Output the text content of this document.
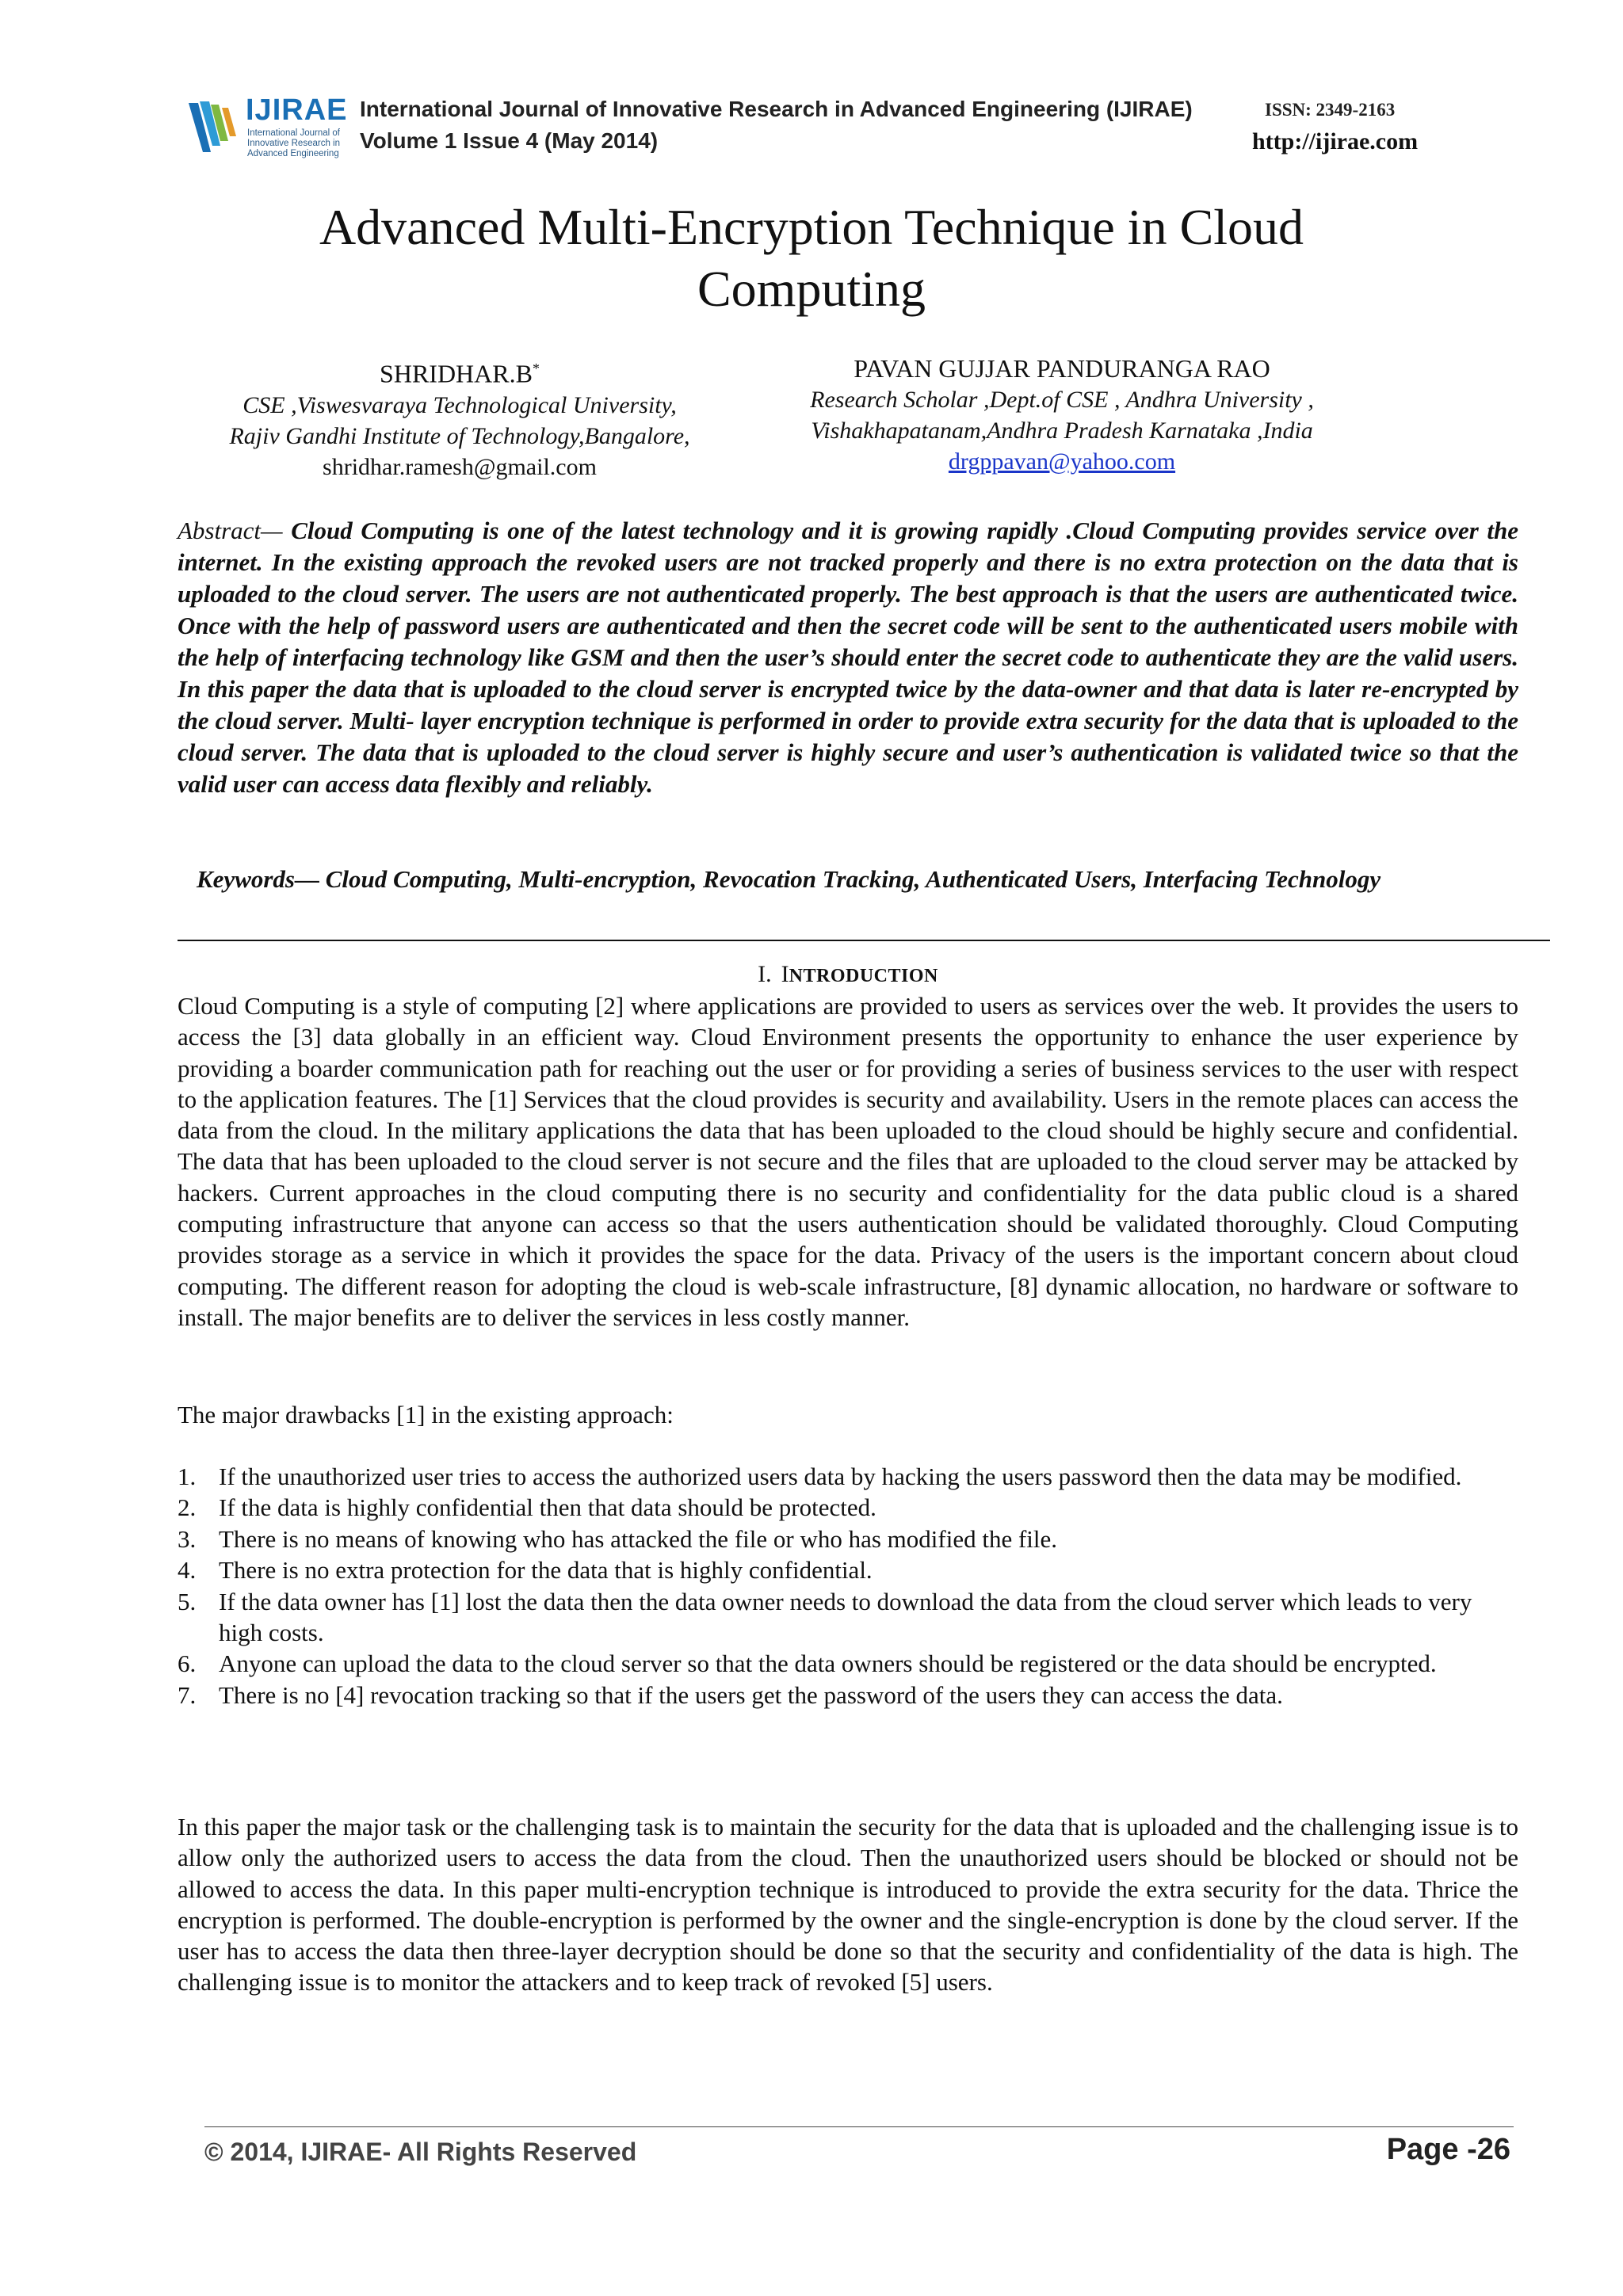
IJIRAE
International Journal of Innovative Research in Advanced Engineering
International Journal of Innovative Research in Advanced Engineering (IJIRAE)	ISSN: 2349-2163
Volume 1 Issue 4 (May 2014)	http://ijirae.com
Advanced Multi-Encryption Technique in Cloud
Computing
SHRIDHAR.B*
CSE ,Viswesvaraya Technological University,
Rajiv Gandhi Institute of Technology,Bangalore,
shridhar.ramesh@gmail.com
PAVAN GUJJAR PANDURANGA RAO
Research Scholar ,Dept.of CSE , Andhra University ,
Vishakhapatanam,Andhra Pradesh Karnataka ,India
drgppavan@yahoo.com
Abstract— Cloud Computing is one of the latest technology and it is growing rapidly .Cloud Computing provides service over the internet. In the existing approach the revoked users are not tracked properly and there is no extra protection on the data that is uploaded to the cloud server. The users are not authenticated properly. The best approach is that the users are authenticated twice. Once with the help of password users are authenticated and then the secret code will be sent to the authenticated users mobile with the help of interfacing technology like GSM and then the user’s should enter the secret code to authenticate they are the valid users. In this paper the data that is uploaded to the cloud server is encrypted twice by the data-owner and that data is later re-encrypted by the cloud server. Multi- layer encryption technique is performed in order to provide extra security for the data that is uploaded to the cloud server. The data that is uploaded to the cloud server is highly secure and user’s authentication is validated twice so that the valid user can access data flexibly and reliably.
Keywords— Cloud Computing, Multi-encryption, Revocation Tracking, Authenticated Users, Interfacing Technology
I. INTRODUCTION

Cloud Computing is a style of computing [2] where applications are provided to users as services over the web. It provides the users to access the [3] data globally in an efficient way. Cloud Environment presents the opportunity to enhance the user experience by providing a boarder communication path for reaching out the user or for providing a series of business services to the user with respect to the application features. The [1] Services that the cloud provides is security and availability. Users in the remote places can access the data from the cloud. In the military applications the data that has been uploaded to the cloud should be highly secure and confidential. The data that has been uploaded to the cloud server is not secure and the files that are uploaded to the cloud server may be attacked by hackers. Current approaches in the cloud computing there is no security and confidentiality for the data public cloud is a shared computing infrastructure that anyone can access so that the users authentication should be validated thoroughly. Cloud Computing provides storage as a service in which it provides the space for the data. Privacy of the users is the important concern about cloud computing. The different reason for adopting the cloud is web-scale infrastructure, [8] dynamic allocation, no hardware or software to install. The major benefits are to deliver the services in less costly manner.

The major drawbacks [1] in the existing approach:

1. If the unauthorized user tries to access the authorized users data by hacking the users password then the data may be modified.
2. If the data is highly confidential then that data should be protected.
3. There is no means of knowing who has attacked the file or who has modified the file.
4. There is no extra protection for the data that is highly confidential.
5. If the data owner has [1] lost the data then the data owner needs to download the data from the cloud server which leads to very high costs.
6. Anyone can upload the data to the cloud server so that the data owners should be registered or the data should be encrypted.
7. There is no [4] revocation tracking so that if the users get the password of the users they can access the data.

In this paper the major task or the challenging task is to maintain the security for the data that is uploaded and the challenging issue is to allow only the authorized users to access the data from the cloud. Then the unauthorized users should be blocked or should not be allowed to access the data. In this paper multi-encryption technique is introduced to provide the extra security for the data. Thrice the encryption is performed. The double-encryption is performed by the owner and the single-encryption is done by the cloud server. If the user has to access the data then three-layer decryption should be done so that the security and confidentiality of the data is high. The challenging issue is to monitor the attackers and to keep track of revoked [5] users.

© 2014, IJIRAE- All Rights Reserved	Page -26
